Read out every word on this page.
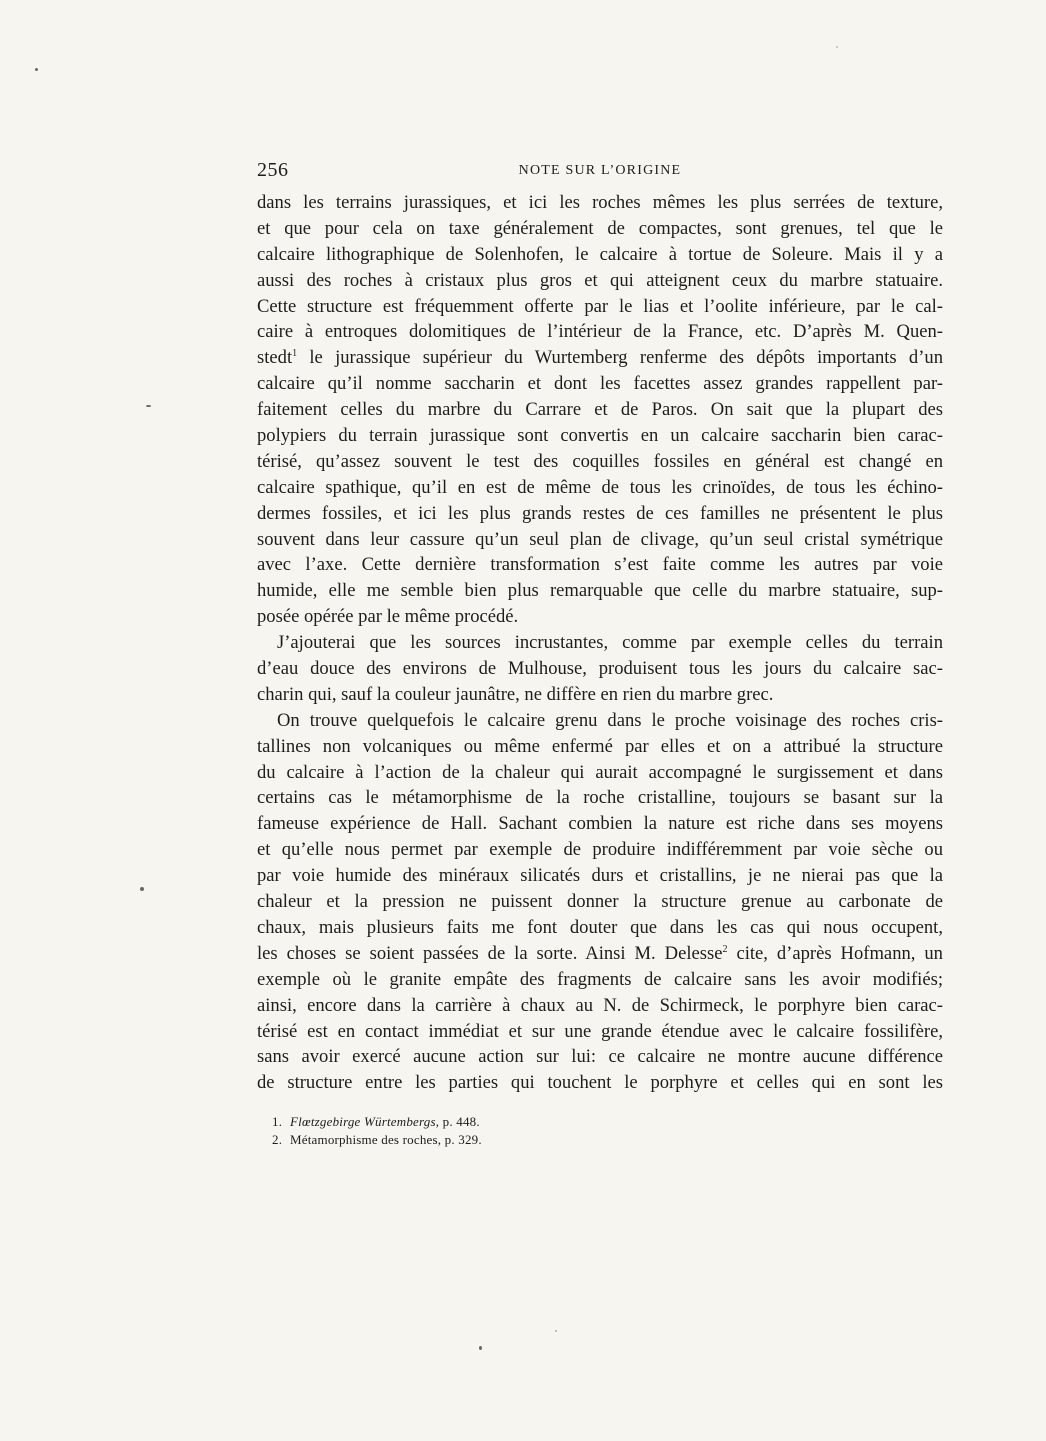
256	NOTE SUR L’ORIGINE
dans les terrains jurassiques, et ici les roches mêmes les plus serrées de texture,
et que pour cela on taxe généralement de compactes, sont grenues, tel que le
calcaire lithographique de Solenhofen, le calcaire à tortue de Soleure. Mais il y a
aussi des roches à cristaux plus gros et qui atteignent ceux du marbre statuaire.
Cette structure est fréquemment offerte par le lias et l’oolite inférieure, par le cal-
caire à entroques dolomitiques de l’intérieur de la France, etc. D’après M. Quen-
stedt$^1$ le jurassique supérieur du Wurtemberg renferme des dépôts importants d’un
calcaire qu’il nomme saccharin et dont les facettes assez grandes rappellent par-
faitement celles du marbre du Carrare et de Paros. On sait que la plupart des
polypiers du terrain jurassique sont convertis en un calcaire saccharin bien carac-
térisé, qu’assez souvent le test des coquilles fossiles en général est changé en
calcaire spathique, qu’il en est de même de tous les crinoïdes, de tous les échino-
dermes fossiles, et ici les plus grands restes de ces familles ne présentent le plus
souvent dans leur cassure qu’un seul plan de clivage, qu’un seul cristal symétrique
avec l’axe. Cette dernière transformation s’est faite comme les autres par voie
humide, elle me semble bien plus remarquable que celle du marbre statuaire, sup-
posée opérée par le même procédé.
J’ajouterai que les sources incrustantes, comme par exemple celles du terrain
d’eau douce des environs de Mulhouse, produisent tous les jours du calcaire sac-
charin qui, sauf la couleur jaunâtre, ne diffère en rien du marbre grec.
On trouve quelquefois le calcaire grenu dans le proche voisinage des roches cris-
tallines non volcaniques ou même enfermé par elles et on a attribué la structure
du calcaire à l’action de la chaleur qui aurait accompagné le surgissement et dans
certains cas le métamorphisme de la roche cristalline, toujours se basant sur la
fameuse expérience de Hall. Sachant combien la nature est riche dans ses moyens
et qu’elle nous permet par exemple de produire indifféremment par voie sèche ou
par voie humide des minéraux silicatés durs et cristallins, je ne nierai pas que la
chaleur et la pression ne puissent donner la structure grenue au carbonate de
chaux, mais plusieurs faits me font douter que dans les cas qui nous occupent,
les choses se soient passées de la sorte. Ainsi M. Delesse$^2$ cite, d’après Hofmann, un
exemple où le granite empâte des fragments de calcaire sans les avoir modifiés;
ainsi, encore dans la carrière à chaux au N. de Schirmeck, le porphyre bien carac-
térisé est en contact immédiat et sur une grande étendue avec le calcaire fossilifère,
sans avoir exercé aucune action sur lui: ce calcaire ne montre aucune différence
de structure entre les parties qui touchent le porphyre et celles qui en sont les
1. Flœtzgebirge Würtembergs, p. 448.
2. Métamorphisme des roches, p. 329.
